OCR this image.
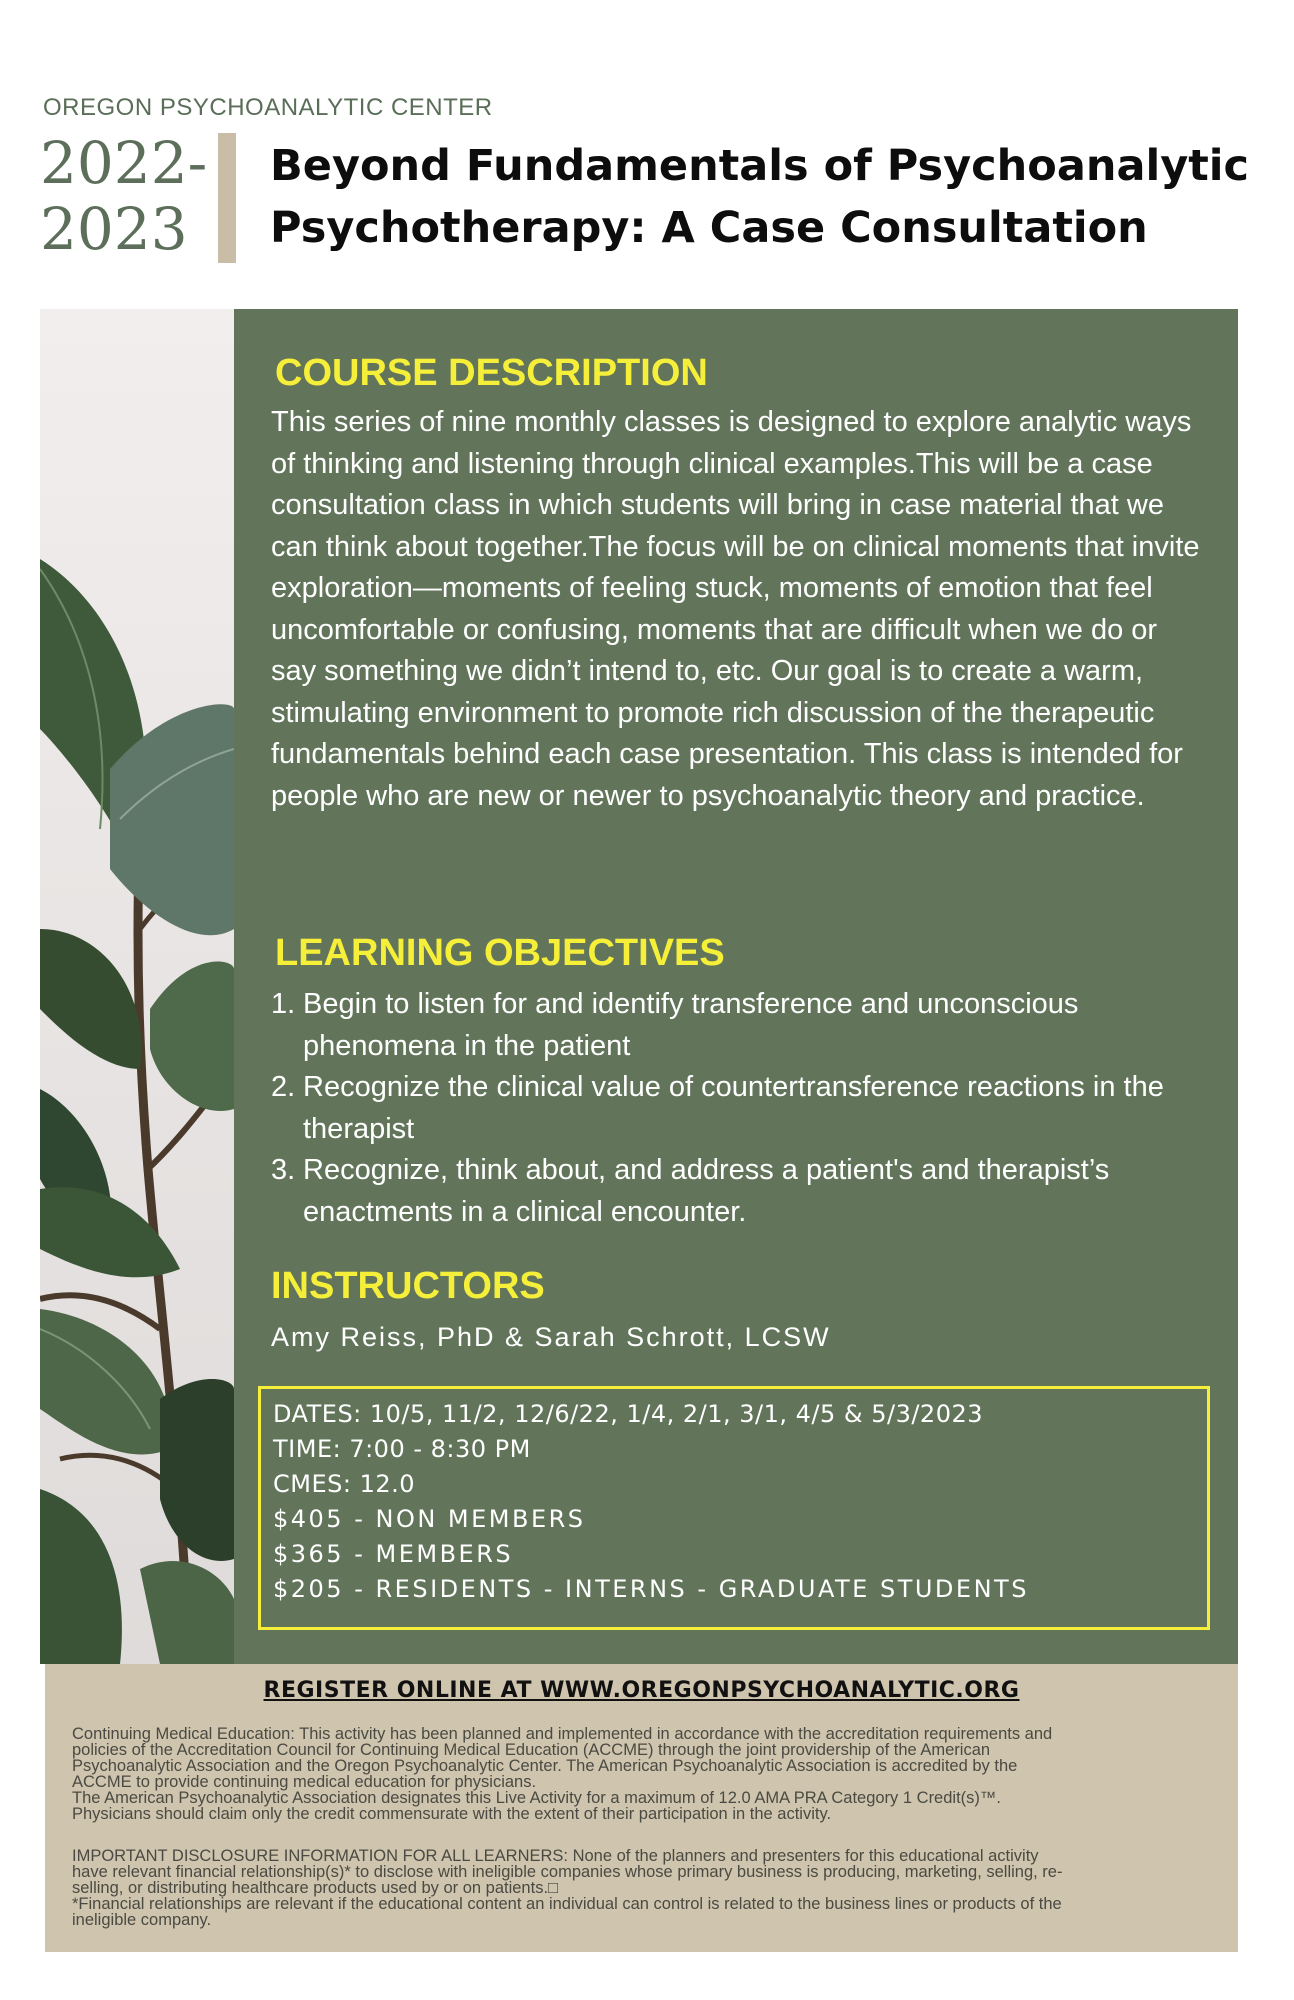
OREGON PSYCHOANALYTIC CENTER
2022-
2023
Beyond Fundamentals of Psychoanalytic
Psychotherapy: A Case Consultation
COURSE DESCRIPTION
This series of nine monthly classes is designed to explore analytic ways of thinking and listening through clinical examples.This will be a case consultation class in which students will bring in case material that we can think about together.The focus will be on clinical moments that invite exploration—moments of feeling stuck, moments of emotion that feel uncomfortable or confusing, moments that are difficult when we do or say something we didn’t intend to, etc. Our goal is to create a warm, stimulating environment to promote rich discussion of the therapeutic fundamentals behind each case presentation. This class is intended for people who are new or newer to psychoanalytic theory and practice.
LEARNING OBJECTIVES
1. Begin to listen for and identify transference and unconscious phenomena in the patient
2. Recognize the clinical value of countertransference reactions in the therapist
3. Recognize, think about, and address a patient's and therapist’s enactments in a clinical encounter.
INSTRUCTORS
Amy Reiss, PhD & Sarah Schrott, LCSW
DATES: 10/5, 11/2, 12/6/22, 1/4, 2/1, 3/1, 4/5 & 5/3/2023
TIME: 7:00 - 8:30 PM
CMES: 12.0
$405 - NON MEMBERS
$365 - MEMBERS
$205 - RESIDENTS - INTERNS - GRADUATE STUDENTS
REGISTER ONLINE AT WWW.OREGONPSYCHOANALYTIC.ORG
Continuing Medical Education: This activity has been planned and implemented in accordance with the accreditation requirements and
policies of the Accreditation Council for Continuing Medical Education (ACCME) through the joint providership of the American
Psychoanalytic Association and the Oregon Psychoanalytic Center. The American Psychoanalytic Association is accredited by the
ACCME to provide continuing medical education for physicians.
The American Psychoanalytic Association designates this Live Activity for a maximum of 12.0 AMA PRA Category 1 Credit(s)™.
Physicians should claim only the credit commensurate with the extent of their participation in the activity.
IMPORTANT DISCLOSURE INFORMATION FOR ALL LEARNERS: None of the planners and presenters for this educational activity
have relevant financial relationship(s)* to disclose with ineligible companies whose primary business is producing, marketing, selling, re-
selling, or distributing healthcare products used by or on patients.□
*Financial relationships are relevant if the educational content an individual can control is related to the business lines or products of the
ineligible company.
